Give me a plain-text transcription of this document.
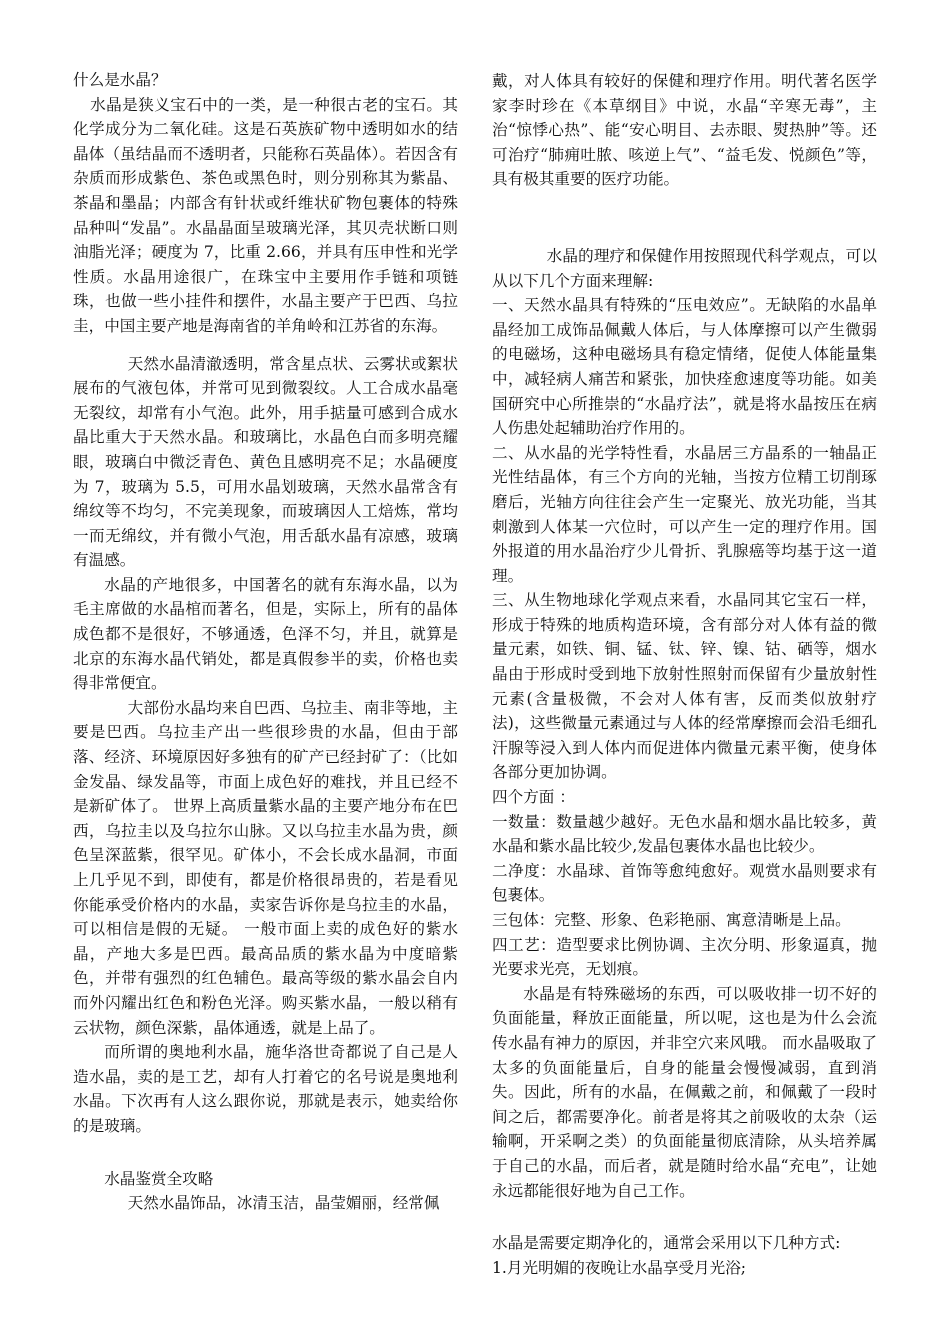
什么是水晶？

水晶是狭义宝石中的一类，是一种很古老的宝石。其化学成分为二氧化硅。这是石英族矿物中透明如水的结晶体（虽结晶而不透明者，只能称石英晶体）。若因含有杂质而形成紫色、茶色或黑色时，则分别称其为紫晶、茶晶和墨晶；内部含有针状或纤维状矿物包裹体的特殊品种叫“发晶”。水晶晶面呈玻璃光泽，其贝壳状断口则油脂光泽；硬度为 7，比重 2.66，并具有压申性和光学性质。水晶用途很广，在珠宝中主要用作手链和项链珠，也做一些小挂件和摆件，水晶主要产于巴西、乌拉圭，中国主要产地是海南省的羊角岭和江苏省的东海。

天然水晶清澈透明，常含星点状、云雾状或絮状展布的气液包体，并常可见到微裂纹。人工合成水晶毫无裂纹，却常有小气泡。此外，用手掂量可感到合成水晶比重大于天然水晶。和玻璃比，水晶色白而多明亮耀眼，玻璃白中微泛青色、黄色且感明亮不足；水晶硬度为 7，玻璃为 5.5，可用水晶划玻璃，天然水晶常含有绵纹等不均匀，不完美现象，而玻璃因人工焙炼，常均一而无绵纹，并有微小气泡，用舌舐水晶有凉感，玻璃有温感。

水晶的产地很多，中国著名的就有东海水晶，以为毛主席做的水晶棺而著名，但是，实际上，所有的晶体成色都不是很好，不够通透，色泽不匀，并且，就算是北京的东海水晶代销处，都是真假参半的卖，价格也卖得非常便宜。

大部份水晶均来自巴西、乌拉圭、南非等地，主要是巴西。乌拉圭产出一些很珍贵的水晶，但由于部落、经济、环境原因好多独有的矿产已经封矿了：（比如金发晶、绿发晶等，市面上成色好的难找，并且已经不是新矿体了。 世界上高质量紫水晶的主要产地分布在巴西，乌拉圭以及乌拉尔山脉。又以乌拉圭水晶为贵，颜色呈深蓝紫，很罕见。矿体小，不会长成水晶洞，市面上几乎见不到，即使有，都是价格很昂贵的，若是看见你能承受价格内的水晶，卖家告诉你是乌拉圭的水晶，可以相信是假的无疑。 一般市面上卖的成色好的紫水晶，产地大多是巴西。最高品质的紫水晶为中度暗紫色，并带有强烈的红色辅色。最高等级的紫水晶会自内而外闪耀出红色和粉色光泽。购买紫水晶，一般以稍有云状物，颜色深紫，晶体通透，就是上品了。

而所谓的奥地利水晶，施华洛世奇都说了自己是人造水晶，卖的是工艺，却有人打着它的名号说是奥地利水晶。下次再有人这么跟你说，那就是表示，她卖给你的是玻璃。

水晶鉴赏全攻略

天然水晶饰品，冰清玉洁，晶莹媚丽，经常佩

戴，对人体具有较好的保健和理疗作用。明代著名医学家李时珍在《本草纲目》中说，水晶“辛寒无毒”，主治“惊悸心热”、能“安心明目、去赤眼、熨热肿”等。还可治疗“肺痈吐脓、咳逆上气”、“益毛发、悦颜色”等，具有极其重要的医疗功能。

水晶的理疗和保健作用按照现代科学观点，可以从以下几个方面来理解:

一、天然水晶具有特殊的“压电效应”。无缺陷的水晶单晶经加工成饰品佩戴人体后，与人体摩擦可以产生微弱的电磁场，这种电磁场具有稳定情绪，促使人体能量集中，减轻病人痛苦和紧张，加快痊愈速度等功能。如美国研究中心所推崇的“水晶疗法”，就是将水晶按压在病人伤患处起辅助治疗作用的。

二、从水晶的光学特性看，水晶居三方晶系的一轴晶正光性结晶体，有三个方向的光轴，当按方位精工切削琢磨后，光轴方向往往会产生一定聚光、放光功能，当其刺激到人体某一穴位时，可以产生一定的理疗作用。国外报道的用水晶治疗少儿骨折、乳腺癌等均基于这一道理。

三、从生物地球化学观点来看，水晶同其它宝石一样，形成于特殊的地质构造环境，含有部分对人体有益的微量元素，如铁、铜、锰、钛、锌、镍、钴、硒等，烟水晶由于形成时受到地下放射性照射而保留有少量放射性元素(含量极微，不会对人体有害，反而类似放射疗法)，这些微量元素通过与人体的经常摩擦而会沿毛细孔汗腺等浸入到人体内而促进体内微量元素平衡，使身体各部分更加协调。

四个方面 ：

一数量：数量越少越好。无色水晶和烟水晶比较多，黄水晶和紫水晶比较少,发晶包裹体水晶也比较少。

二净度：水晶球、首饰等愈纯愈好。观赏水晶则要求有包裹体。

三包体：完整、形象、色彩艳丽、寓意清晰是上品。

四工艺：造型要求比例协调、主次分明、形象逼真，抛光要求光亮，无划痕。

水晶是有特殊磁场的东西，可以吸收排一切不好的负面能量，释放正面能量，所以呢，这也是为什么会流传水晶有神力的原因，并非空穴来风哦。 而水晶吸取了太多的负面能量后，自身的能量会慢慢减弱，直到消失。因此，所有的水晶，在佩戴之前，和佩戴了一段时间之后，都需要净化。前者是将其之前吸收的太杂（运输啊，开采啊之类）的负面能量彻底清除，从头培养属于自己的水晶，而后者，就是随时给水晶“充电”，让她永远都能很好地为自己工作。

水晶是需要定期净化的，通常会采用以下几种方式:

1.月光明媚的夜晚让水晶享受月光浴;
